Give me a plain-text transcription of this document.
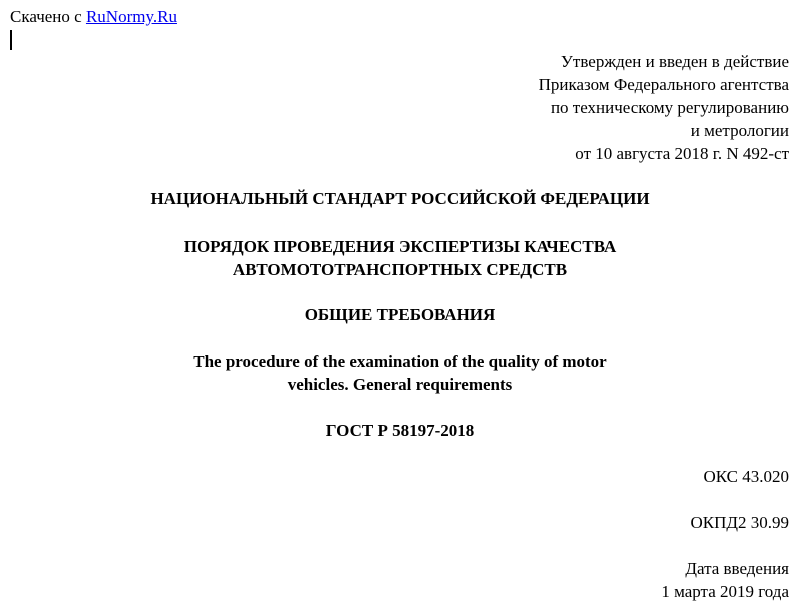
Скачено с RuNormy.Ru
Утвержден и введен в действие
Приказом Федерального агентства
по техническому регулированию
и метрологии
от 10 августа 2018 г. N 492-ст
НАЦИОНАЛЬНЫЙ СТАНДАРТ РОССИЙСКОЙ ФЕДЕРАЦИИ
ПОРЯДОК ПРОВЕДЕНИЯ ЭКСПЕРТИЗЫ КАЧЕСТВА
АВТОМОТОТРАНСПОРТНЫХ СРЕДСТВ
ОБЩИЕ ТРЕБОВАНИЯ
The procedure of the examination of the quality of motor
vehicles. General requirements
ГОСТ Р 58197-2018
ОКС 43.020
ОКПД2 30.99
Дата введения
1 марта 2019 года
